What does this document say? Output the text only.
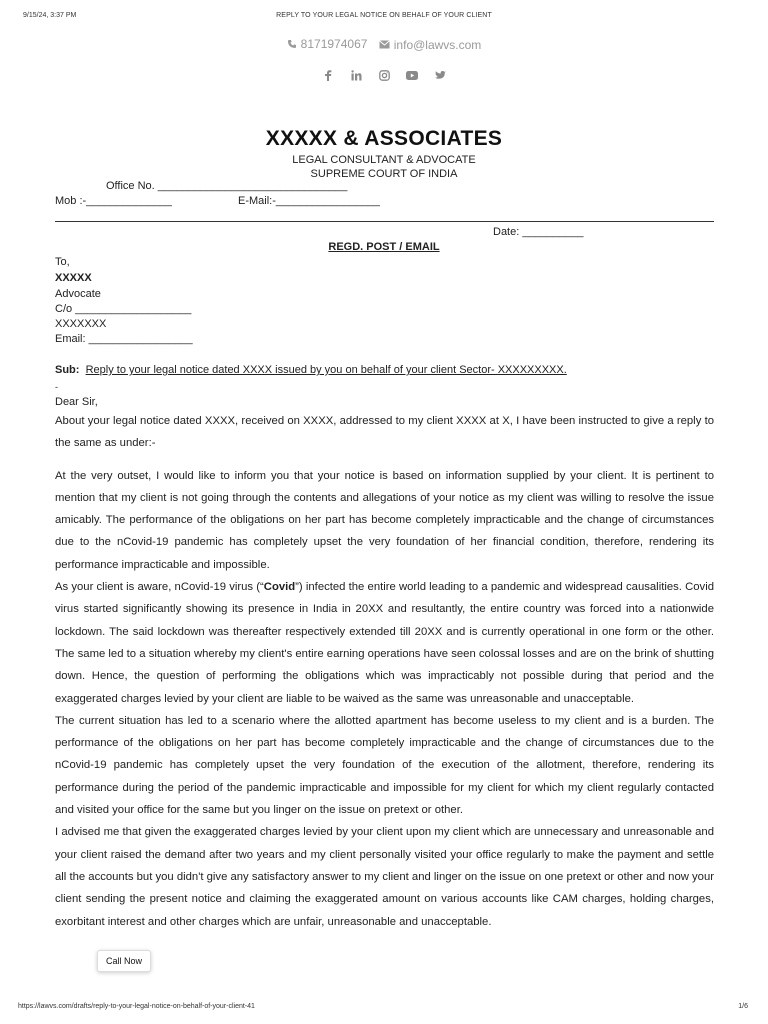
9/15/24, 3:37 PM	REPLY TO YOUR LEGAL NOTICE ON BEHALF OF YOUR CLIENT
8171974067
info@lawvs.com
XXXXX & ASSOCIATES
LEGAL CONSULTANT & ADVOCATE
SUPREME COURT OF INDIA
Office No. _______________________________
Mob :-______________	E-Mail:-_________________
Date: __________
REGD. POST / EMAIL
To,
XXXXX
Advocate
C/o ___________________
XXXXXXX
Email: _________________
Sub: Reply to your legal notice dated XXXX issued by you on behalf of your client Sector- XXXXXXXXX.
-
Dear Sir,

About your legal notice dated XXXX, received on XXXX, addressed to my client XXXX at X, I have been instructed to give a reply to the same as under:-

At the very outset, I would like to inform you that your notice is based on information supplied by your client. It is pertinent to mention that my client is not going through the contents and allegations of your notice as my client was willing to resolve the issue amicably. The performance of the obligations on her part has become completely impracticable and the change of circumstances due to the nCovid-19 pandemic has completely upset the very foundation of her financial condition, therefore, rendering its performance impracticable and impossible.

As your client is aware, nCovid-19 virus (“Covid”) infected the entire world leading to a pandemic and widespread causalities. Covid virus started significantly showing its presence in India in 20XX and resultantly, the entire country was forced into a nationwide lockdown. The said lockdown was thereafter respectively extended till 20XX and is currently operational in one form or the other. The same led to a situation whereby my client's entire earning operations have seen colossal losses and are on the brink of shutting down. Hence, the question of performing the obligations which was impracticably not possible during that period and the exaggerated charges levied by your client are liable to be waived as the same was unreasonable and unacceptable.

The current situation has led to a scenario where the allotted apartment has become useless to my client and is a burden. The performance of the obligations on her part has become completely impracticable and the change of circumstances due to the nCovid-19 pandemic has completely upset the very foundation of the execution of the allotment, therefore, rendering its performance during the period of the pandemic impracticable and impossible for my client for which my client regularly contacted and visited your office for the same but you linger on the issue on pretext or other.

I advised me that given the exaggerated charges levied by your client upon my client which are unnecessary and unreasonable and your client raised the demand after two years and my client personally visited your office regularly to make the payment and settle all the accounts but you didn't give any satisfactory answer to my client and linger on the issue on one pretext or other and now your client sending the present notice and claiming the exaggerated amount on various accounts like CAM charges, holding charges, exorbitant interest and other charges which are unfair, unreasonable and unacceptable.

Call Now
https://lawvs.com/drafts/reply-to-your-legal-notice-on-behalf-of-your-client-41	1/6
